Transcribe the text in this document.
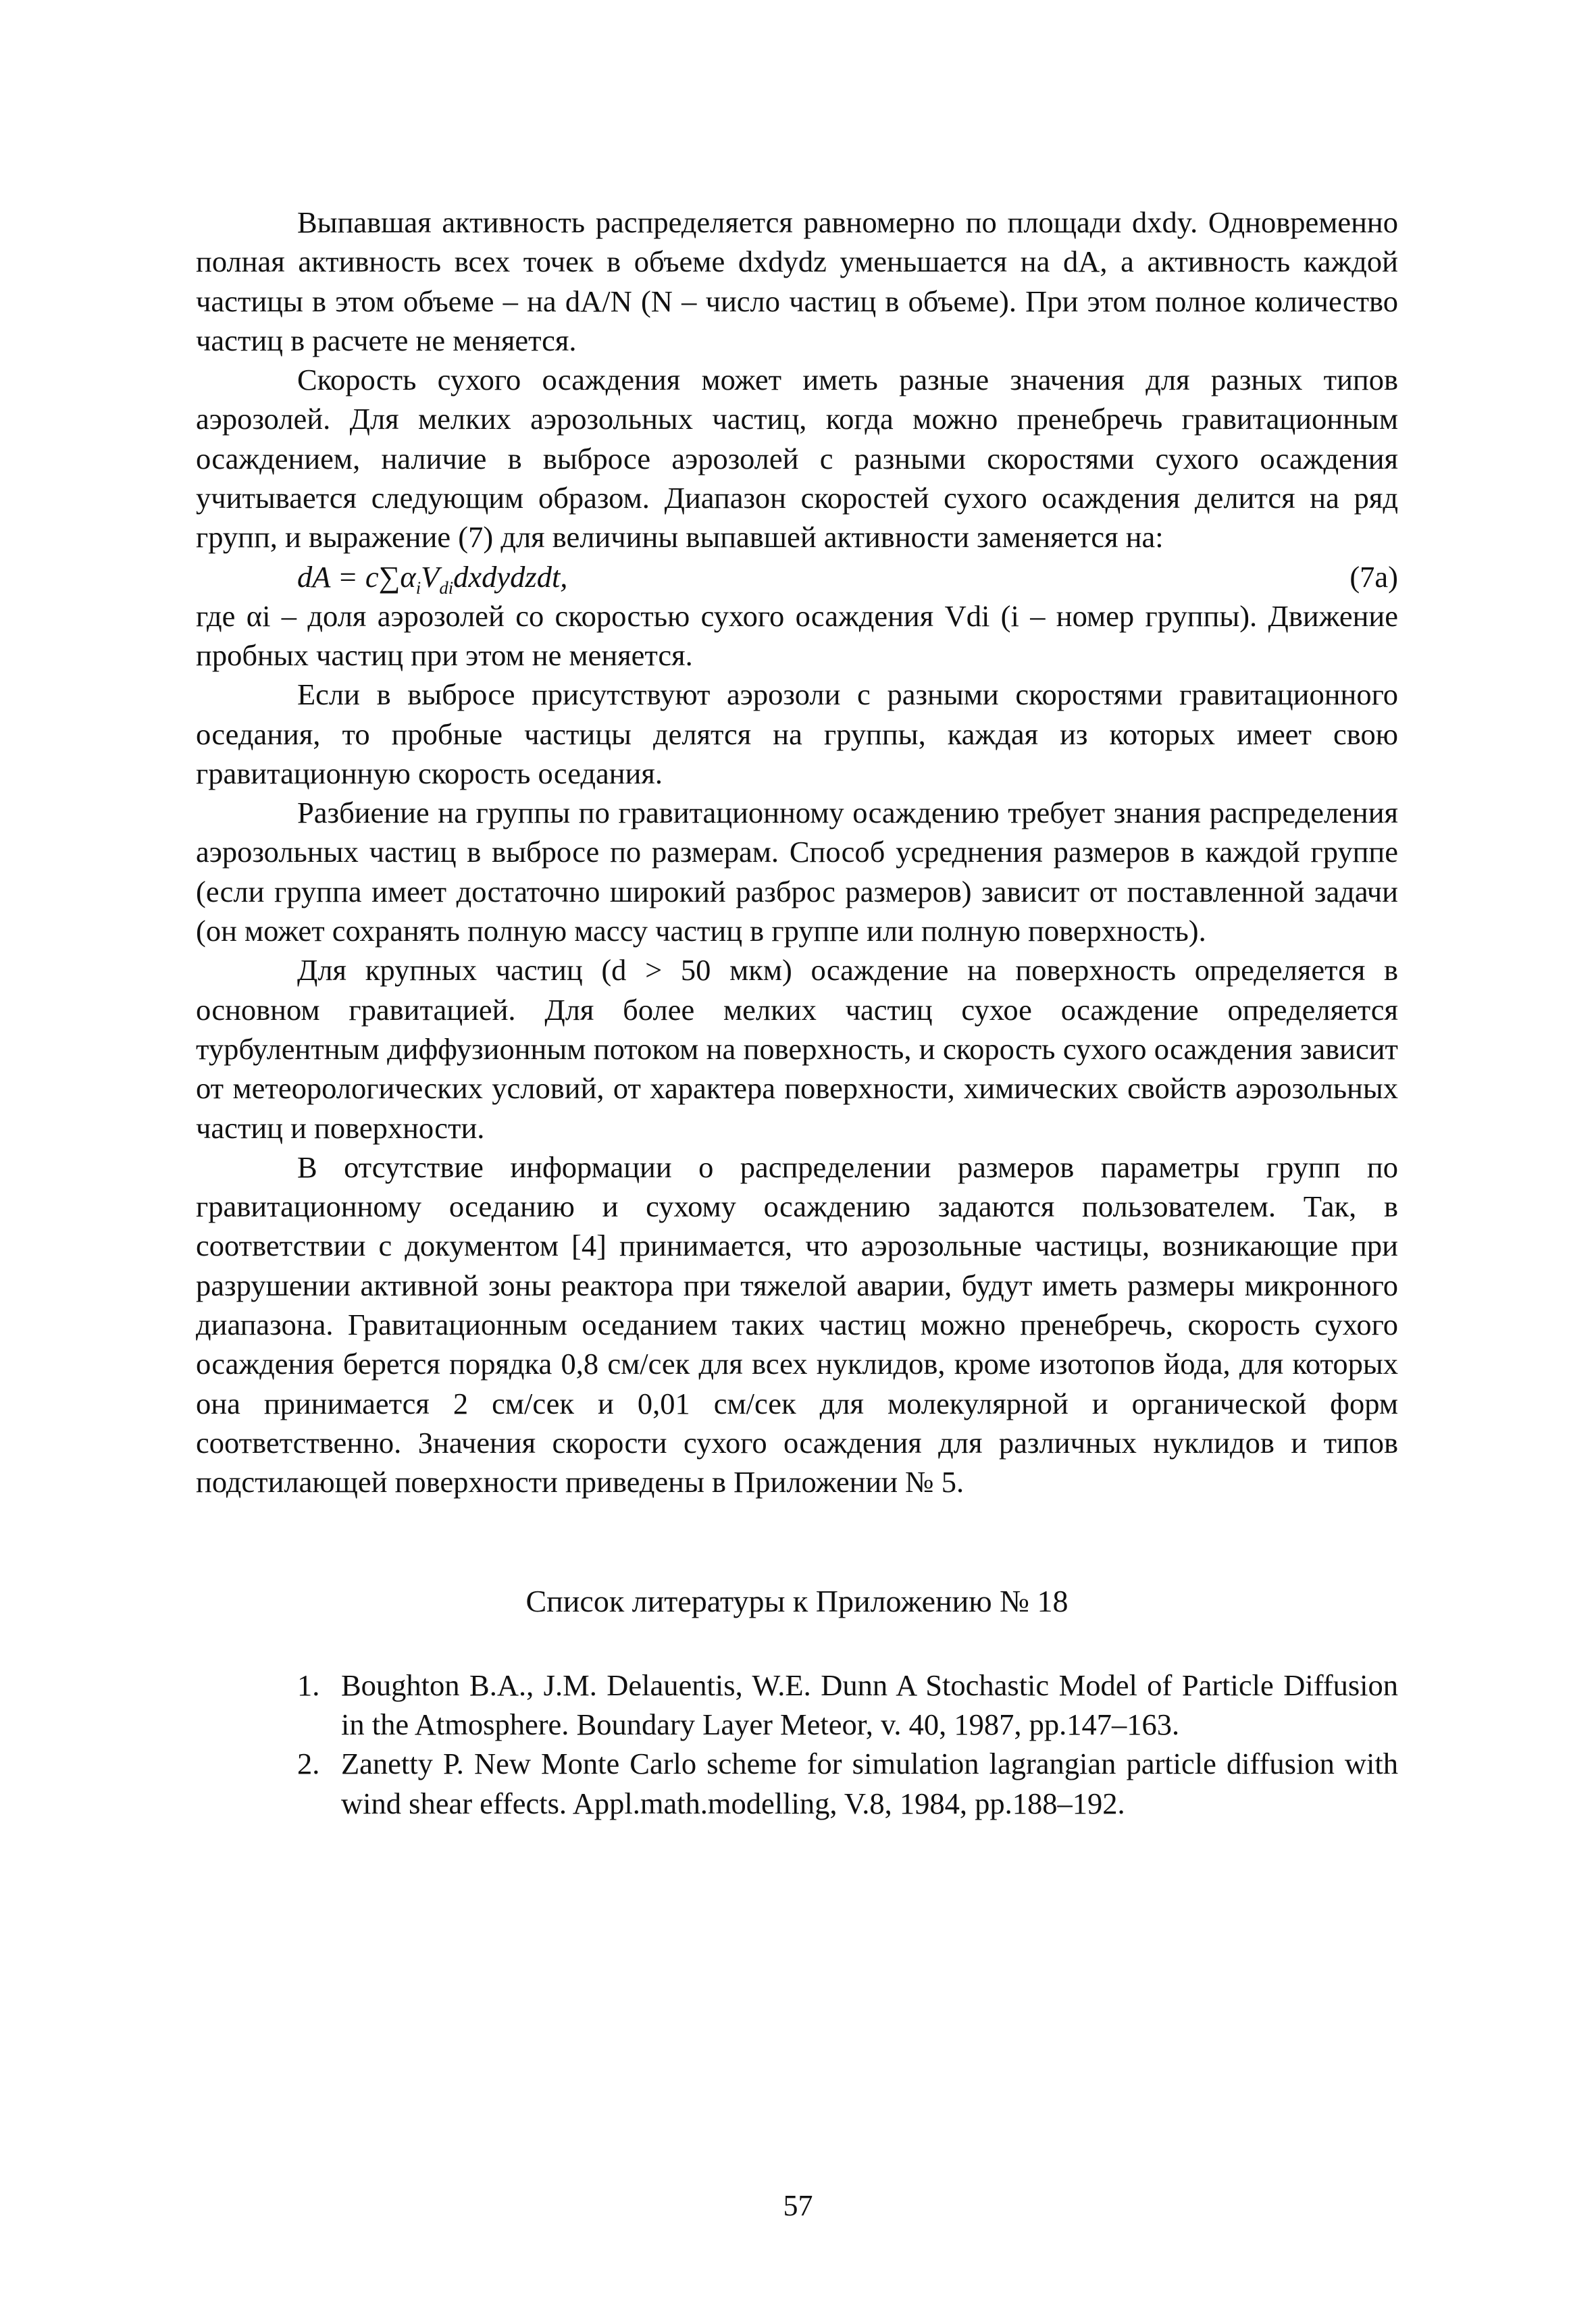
Выпавшая активность распределяется равномерно по площади dxdy. Одновременно полная активность всех точек в объеме dxdydz уменьшается на dA, а активность каждой частицы в этом объеме – на dA/N (N – число частиц в объеме). При этом полное количество частиц в расчете не меняется.

Скорость сухого осаждения может иметь разные значения для разных типов аэрозолей. Для мелких аэрозольных частиц, когда можно пренебречь гравитационным осаждением, наличие в выбросе аэрозолей с разными скоростями сухого осаждения учитывается следующим образом. Диапазон скоростей сухого осаждения делится на ряд групп, и выражение (7) для величины выпавшей активности заменяется на:

dA = $c\sum\alpha_iV_{di}dxdydzdt$,	(7a)

где αi – доля аэрозолей со скоростью сухого осаждения Vdi (i – номер группы). Движение пробных частиц при этом не меняется.

Если в выбросе присутствуют аэрозоли с разными скоростями гравитационного оседания, то пробные частицы делятся на группы, каждая из которых имеет свою гравитационную скорость оседания.

Разбиение на группы по гравитационному осаждению требует знания распределения аэрозольных частиц в выбросе по размерам. Способ усреднения размеров в каждой группе (если группа имеет достаточно широкий разброс размеров) зависит от поставленной задачи (он может сохранять полную массу частиц в группе или полную поверхность).

Для крупных частиц (d > 50 мкм) осаждение на поверхность определяется в основном гравитацией. Для более мелких частиц сухое осаждение определяется турбулентным диффузионным потоком на поверхность, и скорость сухого осаждения зависит от метеорологических условий, от характера поверхности, химических свойств аэрозольных частиц и поверхности.

В отсутствие информации о распределении размеров параметры групп по гравитационному оседанию и сухому осаждению задаются пользователем. Так, в соответствии с документом [4] принимается, что аэрозольные частицы, возникающие при разрушении активной зоны реактора при тяжелой аварии, будут иметь размеры микронного диапазона. Гравитационным оседанием таких частиц можно пренебречь, скорость сухого осаждения берется порядка 0,8 см/сек для всех нуклидов, кроме изотопов йода, для которых она принимается 2 см/сек и 0,01 см/сек для молекулярной и органической форм соответственно. Значения скорости сухого осаждения для различных нуклидов и типов подстилающей поверхности приведены в Приложении № 5.

Список литературы к Приложению № 18

1. Boughton B.A., J.M. Delauentis, W.E. Dunn A Stochastic Model of Particle Diffusion in the Atmosphere. Boundary Layer Meteor, v. 40, 1987, pp.147–163.

2. Zanetty P. New Monte Carlo scheme for simulation lagrangian particle diffusion with wind shear effects. Appl.math.modelling, V.8, 1984, pp.188–192.

57
